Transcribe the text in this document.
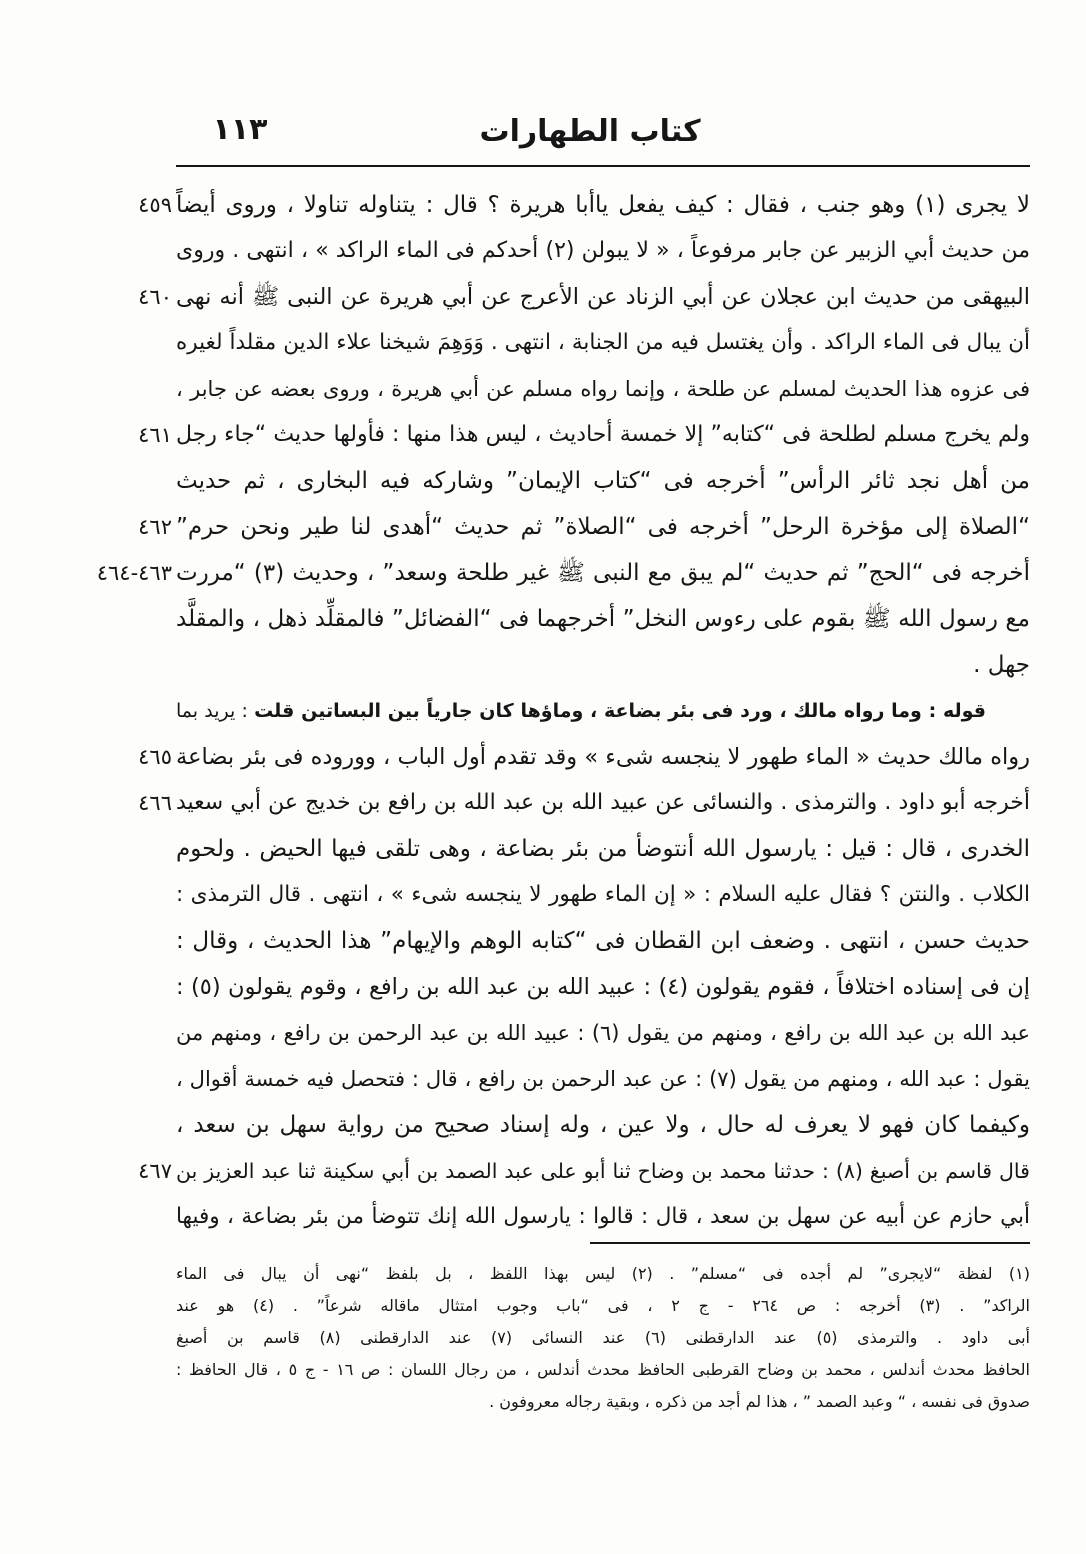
كتاب الطهارات
١١٣
لا يجرى (١) وهو جنب ، فقال : كيف يفعل ياأبا هريرة ؟ قال : يتناوله تناولا ، وروى أيضاً
٤٥٩
من حديث أبي الزبير عن جابر مرفوعاً ، « لا يبولن (٢) أحدكم فى الماء الراكد » ، انتهى . وروى
البيهقى من حديث ابن عجلان عن أبي الزناد عن الأعرج عن أبي هريرة عن النبى ﷺ أنه نهى
٤٦٠
أن يبال فى الماء الراكد . وأن يغتسل فيه من الجنابة ، انتهى . وَوَهِمَ شيخنا علاء الدين مقلداً لغيره
فى عزوه هذا الحديث لمسلم عن طلحة ، وإنما رواه مسلم عن أبي هريرة ، وروى بعضه عن جابر ،
ولم يخرج مسلم لطلحة فى “كتابه” إلا خمسة أحاديث ، ليس هذا منها : فأولها حديث “جاء رجل
٤٦١
من أهل نجد ثائر الرأس” أخرجه فى “كتاب الإيمان” وشاركه فيه البخارى ، ثم حديث
“الصلاة إلى مؤخرة الرحل” أخرجه فى “الصلاة” ثم حديث “أهدى لنا طير ونحن حرم”
٤٦٢
أخرجه فى “الحج” ثم حديث “لم يبق مع النبى ﷺ غير طلحة وسعد” ، وحديث (٣) “مررت
٤٦٣-٤٦٤
مع رسول الله ﷺ بقوم على رءوس النخل” أخرجهما فى “الفضائل” فالمقلِّد ذهل ، والمقلَّد
جهل .
قوله : وما رواه مالك ، ورد فى بئر بضاعة ، وماؤها كان جارياً بين البساتين قلت : يريد بما
رواه مالك حديث « الماء طهور لا ينجسه شىء » وقد تقدم أول الباب ، ووروده فى بئر بضاعة
٤٦٥
أخرجه أبو داود . والترمذى . والنسائى عن عبيد الله بن عبد الله بن رافع بن خديج عن أبي سعيد
٤٦٦
الخدرى ، قال : قيل : يارسول الله أنتوضأ من بئر بضاعة ، وهى تلقى فيها الحيض . ولحوم
الكلاب . والنتن ؟ فقال عليه السلام : « إن الماء طهور لا ينجسه شىء » ، انتهى . قال الترمذى :
حديث حسن ، انتهى . وضعف ابن القطان فى “كتابه الوهم والإيهام” هذا الحديث ، وقال :
إن فى إسناده اختلافاً ، فقوم يقولون (٤) : عبيد الله بن عبد الله بن رافع ، وقوم يقولون (٥) :
عبد الله بن عبد الله بن رافع ، ومنهم من يقول (٦) : عبيد الله بن عبد الرحمن بن رافع ، ومنهم من
يقول : عبد الله ، ومنهم من يقول (٧) : عن عبد الرحمن بن رافع ، قال : فتحصل فيه خمسة أقوال ،
وكيفما كان فهو لا يعرف له حال ، ولا عين ، وله إسناد صحيح من رواية سهل بن سعد ،
قال قاسم بن أصبغ (٨) : حدثنا محمد بن وضاح ثنا أبو على عبد الصمد بن أبي سكينة ثنا عبد العزيز بن
٤٦٧
أبي حازم عن أبيه عن سهل بن سعد ، قال : قالوا : يارسول الله إنك تتوضأ من بئر بضاعة ، وفيها
(١) لفظة “لايجرى” لم أجده فى “مسلم” . (٢) ليس بهذا اللفظ ، بل بلفظ “نهى أن يبال فى الماء
الراكد” . (٣) أخرجه : ص ٢٦٤ - ج ٢ ، فى “باب وجوب امتثال ماقاله شرعاً” . (٤) هو عند
أبى داود . والترمذى (٥) عند الدارقطنى (٦) عند النسائى (٧) عند الدارقطنى (٨) قاسم بن أصبغ
الحافظ محدث أندلس ، محمد بن وضاح القرطبى الحافظ محدث أندلس ، من رجال اللسان : ص ١٦ - ج ٥ ، قال الحافظ :
صدوق فى نفسه ، “ وعبد الصمد ” ، هذا لم أجد من ذكره ، وبقية رجاله معروفون .
